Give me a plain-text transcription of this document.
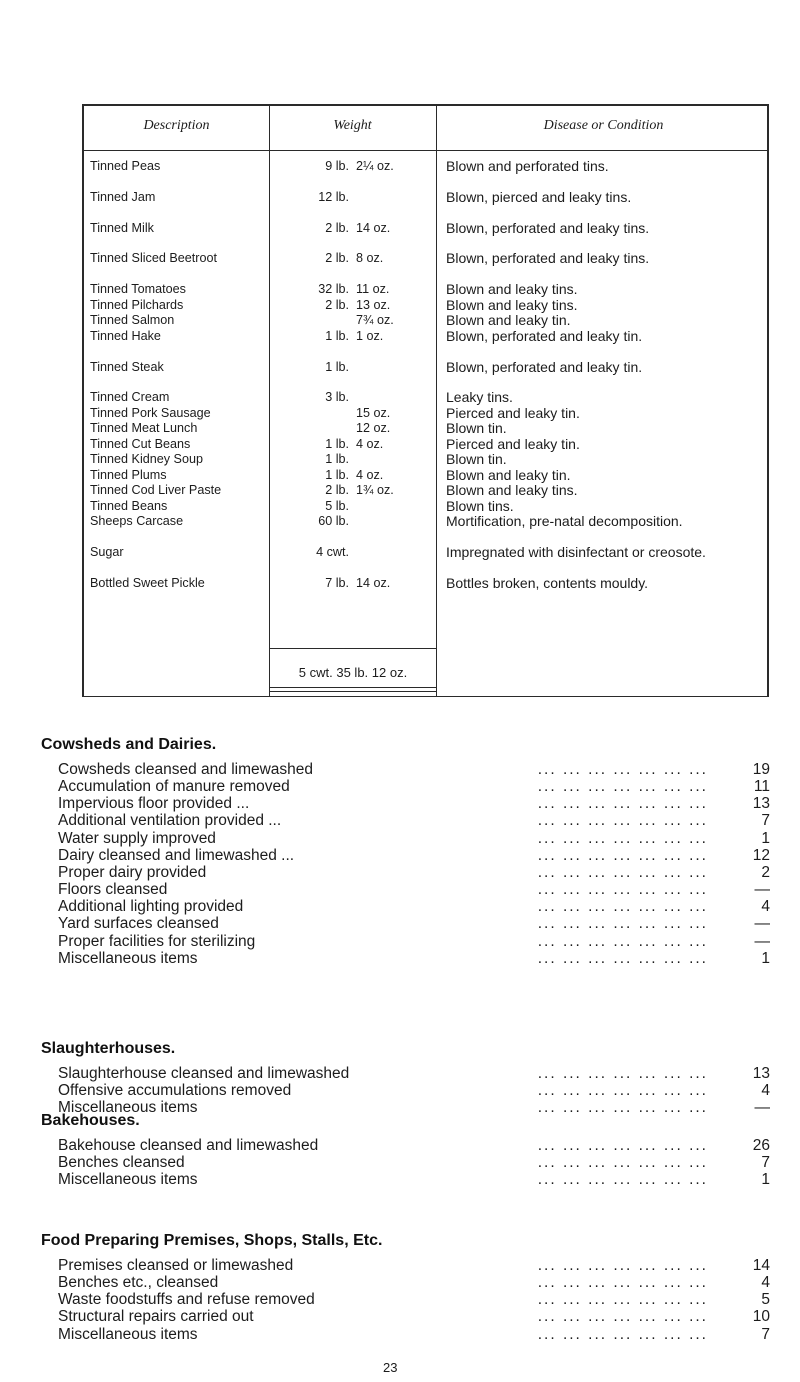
Description	Weight	Disease or Condition
Tinned Peas	9 lb. 2¼ oz.	Blown and perforated tins.
Tinned Jam	12 lb.	Blown, pierced and leaky tins.
Tinned Milk	2 lb. 14 oz.	Blown, perforated and leaky tins.
Tinned Sliced Beetroot	2 lb. 8 oz.	Blown, perforated and leaky tins.
Tinned Tomatoes	32 lb. 11 oz.	Blown and leaky tins.
Tinned Pilchards	2 lb. 13 oz.	Blown and leaky tins.
Tinned Salmon	7¾ oz.	Blown and leaky tin.
Tinned Hake	1 lb. 1 oz.	Blown, perforated and leaky tin.
Tinned Steak	1 lb.	Blown, perforated and leaky tin.
Tinned Cream	3 lb.	Leaky tins.
Tinned Pork Sausage	15 oz.	Pierced and leaky tin.
Tinned Meat Lunch	12 oz.	Blown tin.
Tinned Cut Beans	1 lb. 4 oz.	Pierced and leaky tin.
Tinned Kidney Soup	1 lb.	Blown tin.
Tinned Plums	1 lb. 4 oz.	Blown and leaky tin.
Tinned Cod Liver Paste	2 lb. 1¾ oz.	Blown and leaky tins.
Tinned Beans	5 lb.	Blown tins.
Sheeps Carcase	60 lb.	Mortification, pre-natal decomposition.
Sugar	4 cwt.	Impregnated with disinfectant or creosote.
Bottled Sweet Pickle	7 lb. 14 oz.	Bottles broken, contents mouldy.
5 cwt. 35 lb. 12 oz.
Cowsheds and Dairies.
Cowsheds cleansed and limewashed	... ... ... ... ... ... ...	19
Accumulation of manure removed	... ... ... ... ... ... ...	11
Impervious floor provided ...	... ... ... ... ... ... ...	13
Additional ventilation provided ...	... ... ... ... ... ... ...	7
Water supply improved	... ... ... ... ... ... ...	1
Dairy cleansed and limewashed ...	... ... ... ... ... ... ...	12
Proper dairy provided	... ... ... ... ... ... ...	2
Floors cleansed	... ... ... ... ... ... ...	—
Additional lighting provided	... ... ... ... ... ... ...	4
Yard surfaces cleansed	... ... ... ... ... ... ...	—
Proper facilities for sterilizing	... ... ... ... ... ... ...	—
Miscellaneous items	... ... ... ... ... ... ...	1
Slaughterhouses.
Slaughterhouse cleansed and limewashed	... ... ... ... ... ... ...	13
Offensive accumulations removed	... ... ... ... ... ... ...	4
Miscellaneous items	... ... ... ... ... ... ...	—
Bakehouses.
Bakehouse cleansed and limewashed	... ... ... ... ... ... ...	26
Benches cleansed	... ... ... ... ... ... ...	7
Miscellaneous items	... ... ... ... ... ... ...	1
Food Preparing Premises, Shops, Stalls, Etc.
Premises cleansed or limewashed	... ... ... ... ... ... ...	14
Benches etc., cleansed	... ... ... ... ... ... ...	4
Waste foodstuffs and refuse removed	... ... ... ... ... ... ...	5
Structural repairs carried out	... ... ... ... ... ... ...	10
Miscellaneous items	... ... ... ... ... ... ...	7
23
